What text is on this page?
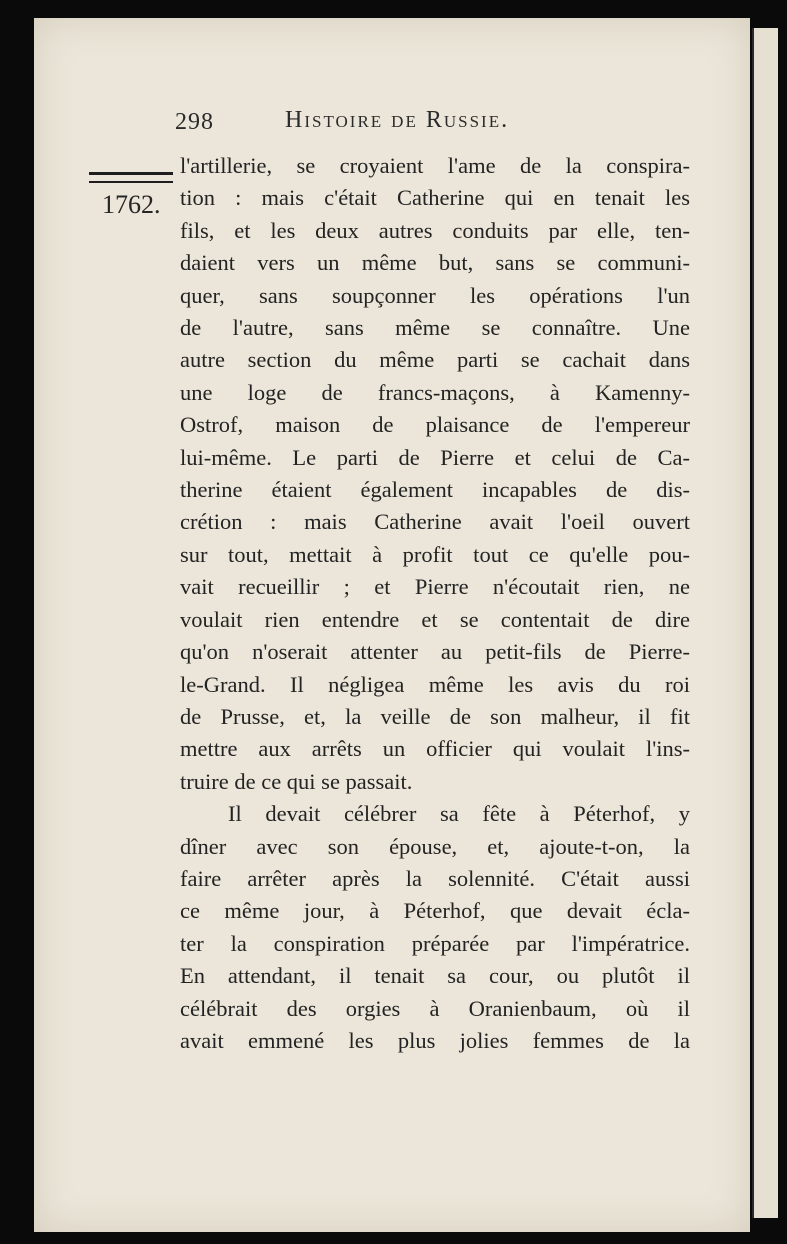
298	Histoire de Russie.
1762.
l'artillerie, se croyaient l'ame de la conspira-
tion : mais c'était Catherine qui en tenait les
fils, et les deux autres conduits par elle, ten-
daient vers un même but, sans se communi-
quer, sans soupçonner les opérations l'un
de l'autre, sans même se connaître. Une
autre section du même parti se cachait dans
une loge de francs-maçons, à Kamenny-
Ostrof, maison de plaisance de l'empereur
lui-même. Le parti de Pierre et celui de Ca-
therine étaient également incapables de dis-
crétion : mais Catherine avait l'oeil ouvert
sur tout, mettait à profit tout ce qu'elle pou-
vait recueillir ; et Pierre n'écoutait rien, ne
voulait rien entendre et se contentait de dire
qu'on n'oserait attenter au petit-fils de Pierre-
le-Grand. Il négligea même les avis du roi
de Prusse, et, la veille de son malheur, il fit
mettre aux arrêts un officier qui voulait l'ins-
truire de ce qui se passait.
Il devait célébrer sa fête à Péterhof, y
dîner avec son épouse, et, ajoute-t-on, la
faire arrêter après la solennité. C'était aussi
ce même jour, à Péterhof, que devait écla-
ter la conspiration préparée par l'impératrice.
En attendant, il tenait sa cour, ou plutôt il
célébrait des orgies à Oranienbaum, où il
avait emmené les plus jolies femmes de la
